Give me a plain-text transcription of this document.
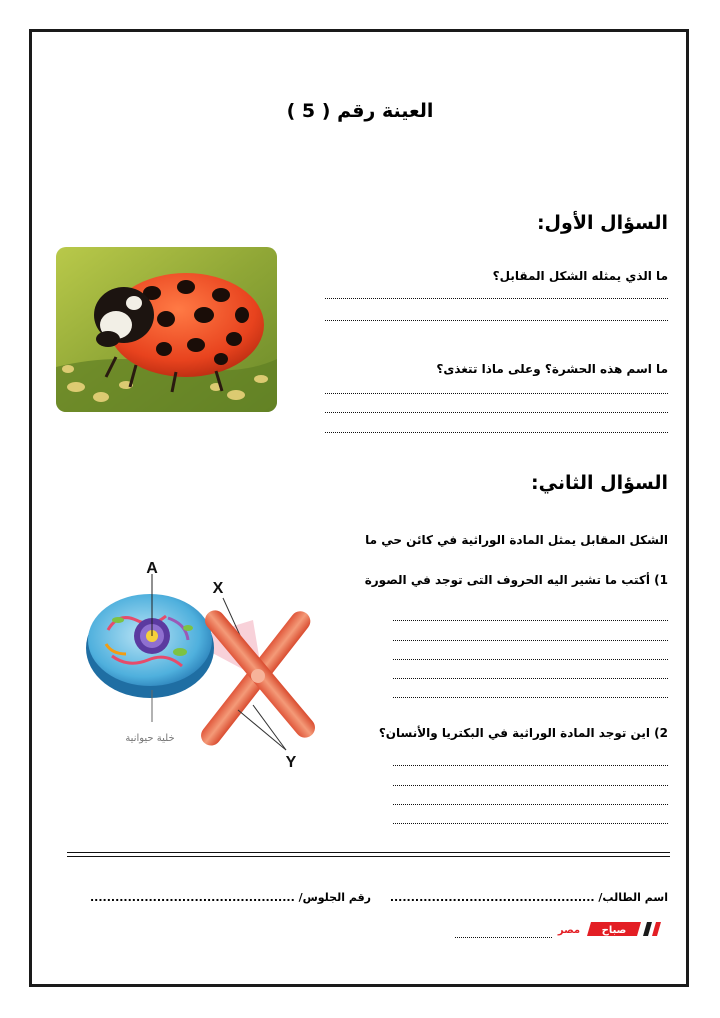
العينة رقم ( 5 )
السؤال الأول:
ما الذي يمثله الشكل المقابل؟
ما اسم هذه الحشرة؟ وعلى ماذا تتغذى؟
السؤال الثاني:
الشكل المقابل يمثل المادة الوراثية في كائن حي ما
1) أكتب ما تشير اليه الحروف التى توجد في الصورة
2) اين توجد المادة الوراثية في البكتريا والأنسان؟
A
X
Y
خلية حيوانية
اسم الطالب/ .................................................
رقم الجلوس/ .................................................
صباح
مصر
